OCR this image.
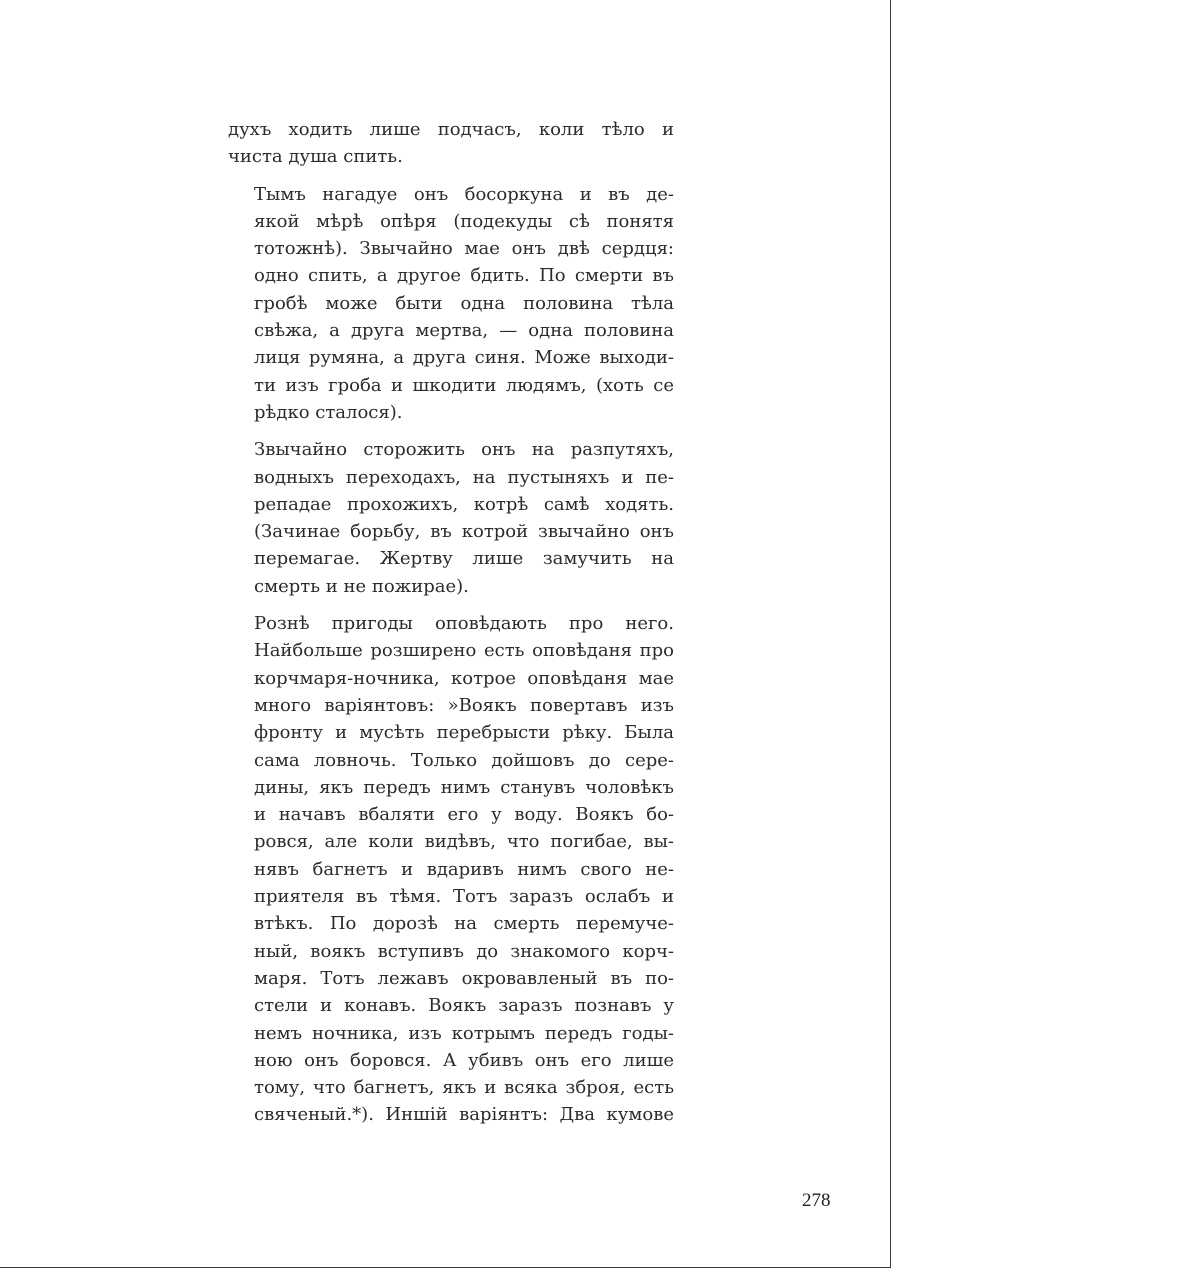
духъ ходить лише подчасъ, коли тѣло и
чиста душа спить.

Тымъ нагадуе онъ босоркуна и въ де-
якой мѣрѣ опѣря (подекуды сѣ понятя
тотожнѣ). Звычайно мае онъ двѣ сердця:
одно спить, а другое бдить. По смерти въ
гробѣ може быти одна половина тѣла
свѣжа, а друга мертва, — одна половина
лиця румяна, а друга синя. Може выходи-
ти изъ гроба и шкодити людямъ, (хоть се
рѣдко сталося).

Звычайно сторожить онъ на разпутяхъ,
водныхъ переходахъ, на пустыняхъ и пе-
репадае прохожихъ, котрѣ самѣ ходять.
(Зачинае борьбу, въ котрой звычайно онъ
перемагае. Жертву лише замучить на
смерть и не пожирае).

Рознѣ пригоды оповѣдають про него.
Найбольше розширено есть оповѣданя про
корчмаря-ночника, котрое оповѣданя мае
много варіянтовъ: »Воякъ повертавъ изъ
фронту и мусѣть перебрысти рѣку. Была
сама ловночь. Только дойшовъ до сере-
дины, якъ передъ нимъ станувъ чоловѣкъ
и начавъ вбаляти его у воду. Воякъ бо-
ровся, але коли видѣвъ, что погибае, вы-
нявъ багнетъ и вдаривъ нимъ свого не-
приятеля въ тѣмя. Тотъ заразъ ослабъ и
втѣкъ. По дорозѣ на смерть перемуче-
ный, воякъ вступивъ до знакомого корч-
маря. Тотъ лежавъ окровавленый въ по-
стели и конавъ. Воякъ заразъ познавъ у
немъ ночника, изъ котрымъ передъ годы-
ною онъ боровся. А убивъ онъ его лише
тому, что багнетъ, якъ и всяка зброя, есть
свяченый.*). Иншій варіянтъ: Два кумове

278
